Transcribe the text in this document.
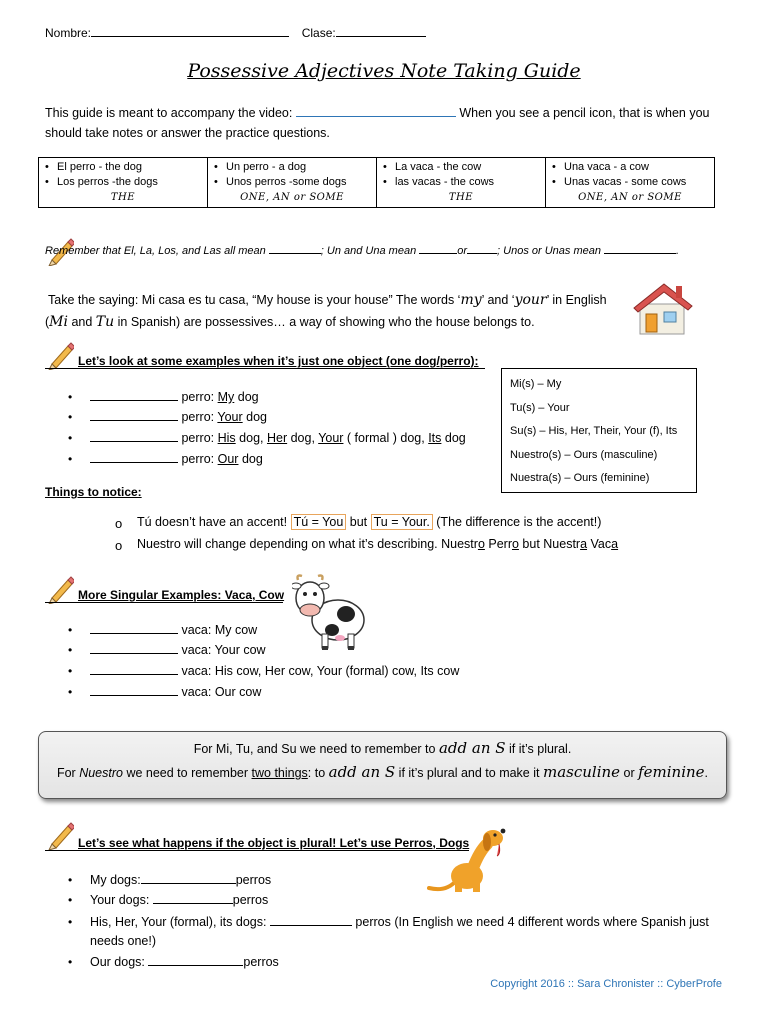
Nombre:	Clase:
Possessive Adjectives Note Taking Guide
This guide is meant to accompany the video:	When you see a pencil icon, that is when you
should take notes or answer the practice questions.
• El perro - the dog
• Los perros -the dogs
THE

• Un perro - a dog
• Unos perros -some dogs
ONE, AN or SOME

• La vaca - the cow
• las vacas - the cows
THE

• Una vaca - a cow
• Unas vacas - some cows
ONE, AN or SOME
Remember that El, La, Los, and Las all mean	; Un and Una mean	or	; Unos or Unas mean	.
Take the saying: Mi casa es tu casa, “My house is your house” The words ‘my’ and ‘your’ in English
(Mi and Tu in Spanish) are possessives… a way of showing who the house belongs to.
Let’s look at some examples when it’s just one object (one dog/perro):
•	perro: My dog
•	perro: Your dog
•	perro: His dog, Her dog, Your ( formal ) dog, Its dog
•	perro: Our dog
Mi(s) – My
Tu(s) – Your
Su(s) – His, Her, Their, Your (f), Its
Nuestro(s) – Ours (masculine)
Nuestra(s) – Ours (feminine)
Things to notice:
o Tú doesn’t have an accent! Tú = You but Tu = Your. (The difference is the accent!)
o Nuestro will change depending on what it’s describing. Nuestro Perro but Nuestra Vaca
More Singular Examples: Vaca, Cow
•	vaca: My cow
•	vaca: Your cow
•	vaca: His cow, Her cow, Your (formal) cow, Its cow
•	vaca: Our cow
For Mi, Tu, and Su we need to remember to add an S if it’s plural.
For Nuestro we need to remember two things: to add an S if it’s plural and to make it masculine or feminine.
Let’s see what happens if the object is plural! Let’s use Perros, Dogs
• My dogs:	perros
• Your dogs:	perros
• His, Her, Your (formal), its dogs:	perros (In English we need 4 different words where Spanish just
needs one!)
• Our dogs:	perros
Copyright 2016 :: Sara Chronister :: CyberProfe
